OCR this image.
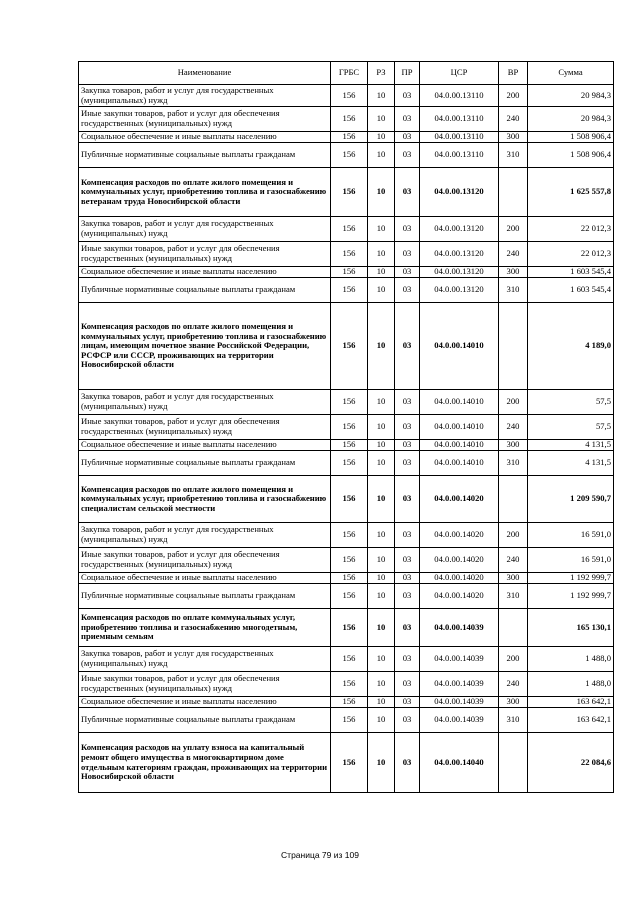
Наименование	ГРБС	РЗ	ПР	ЦСР	ВР	Сумма
Закупка товаров, работ и услуг для государственных (муниципальных) нужд	156	10	03	04.0.00.13110	200	20 984,3
Иные закупки товаров, работ и услуг для обеспечения государственных (муниципальных) нужд	156	10	03	04.0.00.13110	240	20 984,3
Социальное обеспечение и иные выплаты населению	156	10	03	04.0.00.13110	300	1 508 906,4
Публичные нормативные социальные выплаты гражданам	156	10	03	04.0.00.13110	310	1 508 906,4
Компенсация расходов по оплате жилого помещения и коммунальных услуг, приобретению топлива и газоснабжению ветеранам труда Новосибирской области	156	10	03	04.0.00.13120		1 625 557,8
Закупка товаров, работ и услуг для государственных (муниципальных) нужд	156	10	03	04.0.00.13120	200	22 012,3
Иные закупки товаров, работ и услуг для обеспечения государственных (муниципальных) нужд	156	10	03	04.0.00.13120	240	22 012,3
Социальное обеспечение и иные выплаты населению	156	10	03	04.0.00.13120	300	1 603 545,4
Публичные нормативные социальные выплаты гражданам	156	10	03	04.0.00.13120	310	1 603 545,4
Компенсация расходов по оплате жилого помещения и коммунальных услуг, приобретению топлива и газоснабжению лицам, имеющим почетное звание Российской Федерации, РСФСР или СССР, проживающих на территории Новосибирской области	156	10	03	04.0.00.14010		4 189,0
Закупка товаров, работ и услуг для государственных (муниципальных) нужд	156	10	03	04.0.00.14010	200	57,5
Иные закупки товаров, работ и услуг для обеспечения государственных (муниципальных) нужд	156	10	03	04.0.00.14010	240	57,5
Социальное обеспечение и иные выплаты населению	156	10	03	04.0.00.14010	300	4 131,5
Публичные нормативные социальные выплаты гражданам	156	10	03	04.0.00.14010	310	4 131,5
Компенсация расходов по оплате жилого помещения и коммунальных услуг, приобретению топлива и газоснабжению специалистам сельской местности	156	10	03	04.0.00.14020		1 209 590,7
Закупка товаров, работ и услуг для государственных (муниципальных) нужд	156	10	03	04.0.00.14020	200	16 591,0
Иные закупки товаров, работ и услуг для обеспечения государственных (муниципальных) нужд	156	10	03	04.0.00.14020	240	16 591,0
Социальное обеспечение и иные выплаты населению	156	10	03	04.0.00.14020	300	1 192 999,7
Публичные нормативные социальные выплаты гражданам	156	10	03	04.0.00.14020	310	1 192 999,7
Компенсация расходов по оплате коммунальных услуг, приобретению топлива и газоснабжению многодетным, приемным семьям	156	10	03	04.0.00.14039		165 130,1
Закупка товаров, работ и услуг для государственных (муниципальных) нужд	156	10	03	04.0.00.14039	200	1 488,0
Иные закупки товаров, работ и услуг для обеспечения государственных (муниципальных) нужд	156	10	03	04.0.00.14039	240	1 488,0
Социальное обеспечение и иные выплаты населению	156	10	03	04.0.00.14039	300	163 642,1
Публичные нормативные социальные выплаты гражданам	156	10	03	04.0.00.14039	310	163 642,1
Компенсация расходов на уплату взноса на капитальный ремонт общего имущества в многоквартирном доме отдельным категориям граждан, проживающих на территории Новосибирской области	156	10	03	04.0.00.14040		22 084,6
Страница 79 из 109
